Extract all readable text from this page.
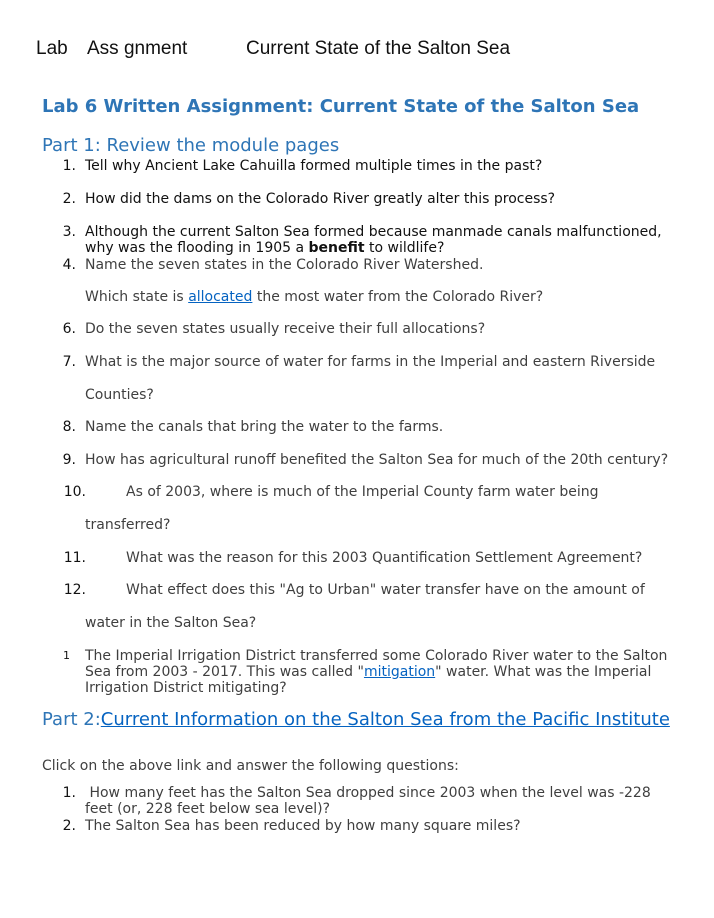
Lab Ass gnment	Current State of the Salton Sea
Lab 6 Written Assignment: Current State of the Salton Sea
Part 1: Review the module pages
1. Tell why Ancient Lake Cahuilla formed multiple times in the past?
2. How did the dams on the Colorado River greatly alter this process?
3. Although the current Salton Sea formed because manmade canals malfunctioned,
why was the flooding in 1905 a benefit to wildlife?
4. Name the seven states in the Colorado River Watershed.
Which state is allocated the most water from the Colorado River?
6. Do the seven states usually receive their full allocations?
7. What is the major source of water for farms in the Imperial and eastern Riverside
Counties?
8. Name the canals that bring the water to the farms.
9. How has agricultural runoff benefited the Salton Sea for much of the 20th century?
10.	As of 2003, where is much of the Imperial County farm water being
transferred?
11.	What was the reason for this 2003 Quantification Settlement Agreement?
12.	What effect does this "Ag to Urban" water transfer have on the amount of
water in the Salton Sea?
1	The Imperial Irrigation District transferred some Colorado River water to the Salton
Sea from 2003 - 2017. This was called "mitigation" water. What was the Imperial
Irrigation District mitigating?
Part 2:Current Information on the Salton Sea from the Pacific Institute
Click on the above link and answer the following questions:
1. How many feet has the Salton Sea dropped since 2003 when the level was -228
feet (or, 228 feet below sea level)?
2. The Salton Sea has been reduced by how many square miles?
